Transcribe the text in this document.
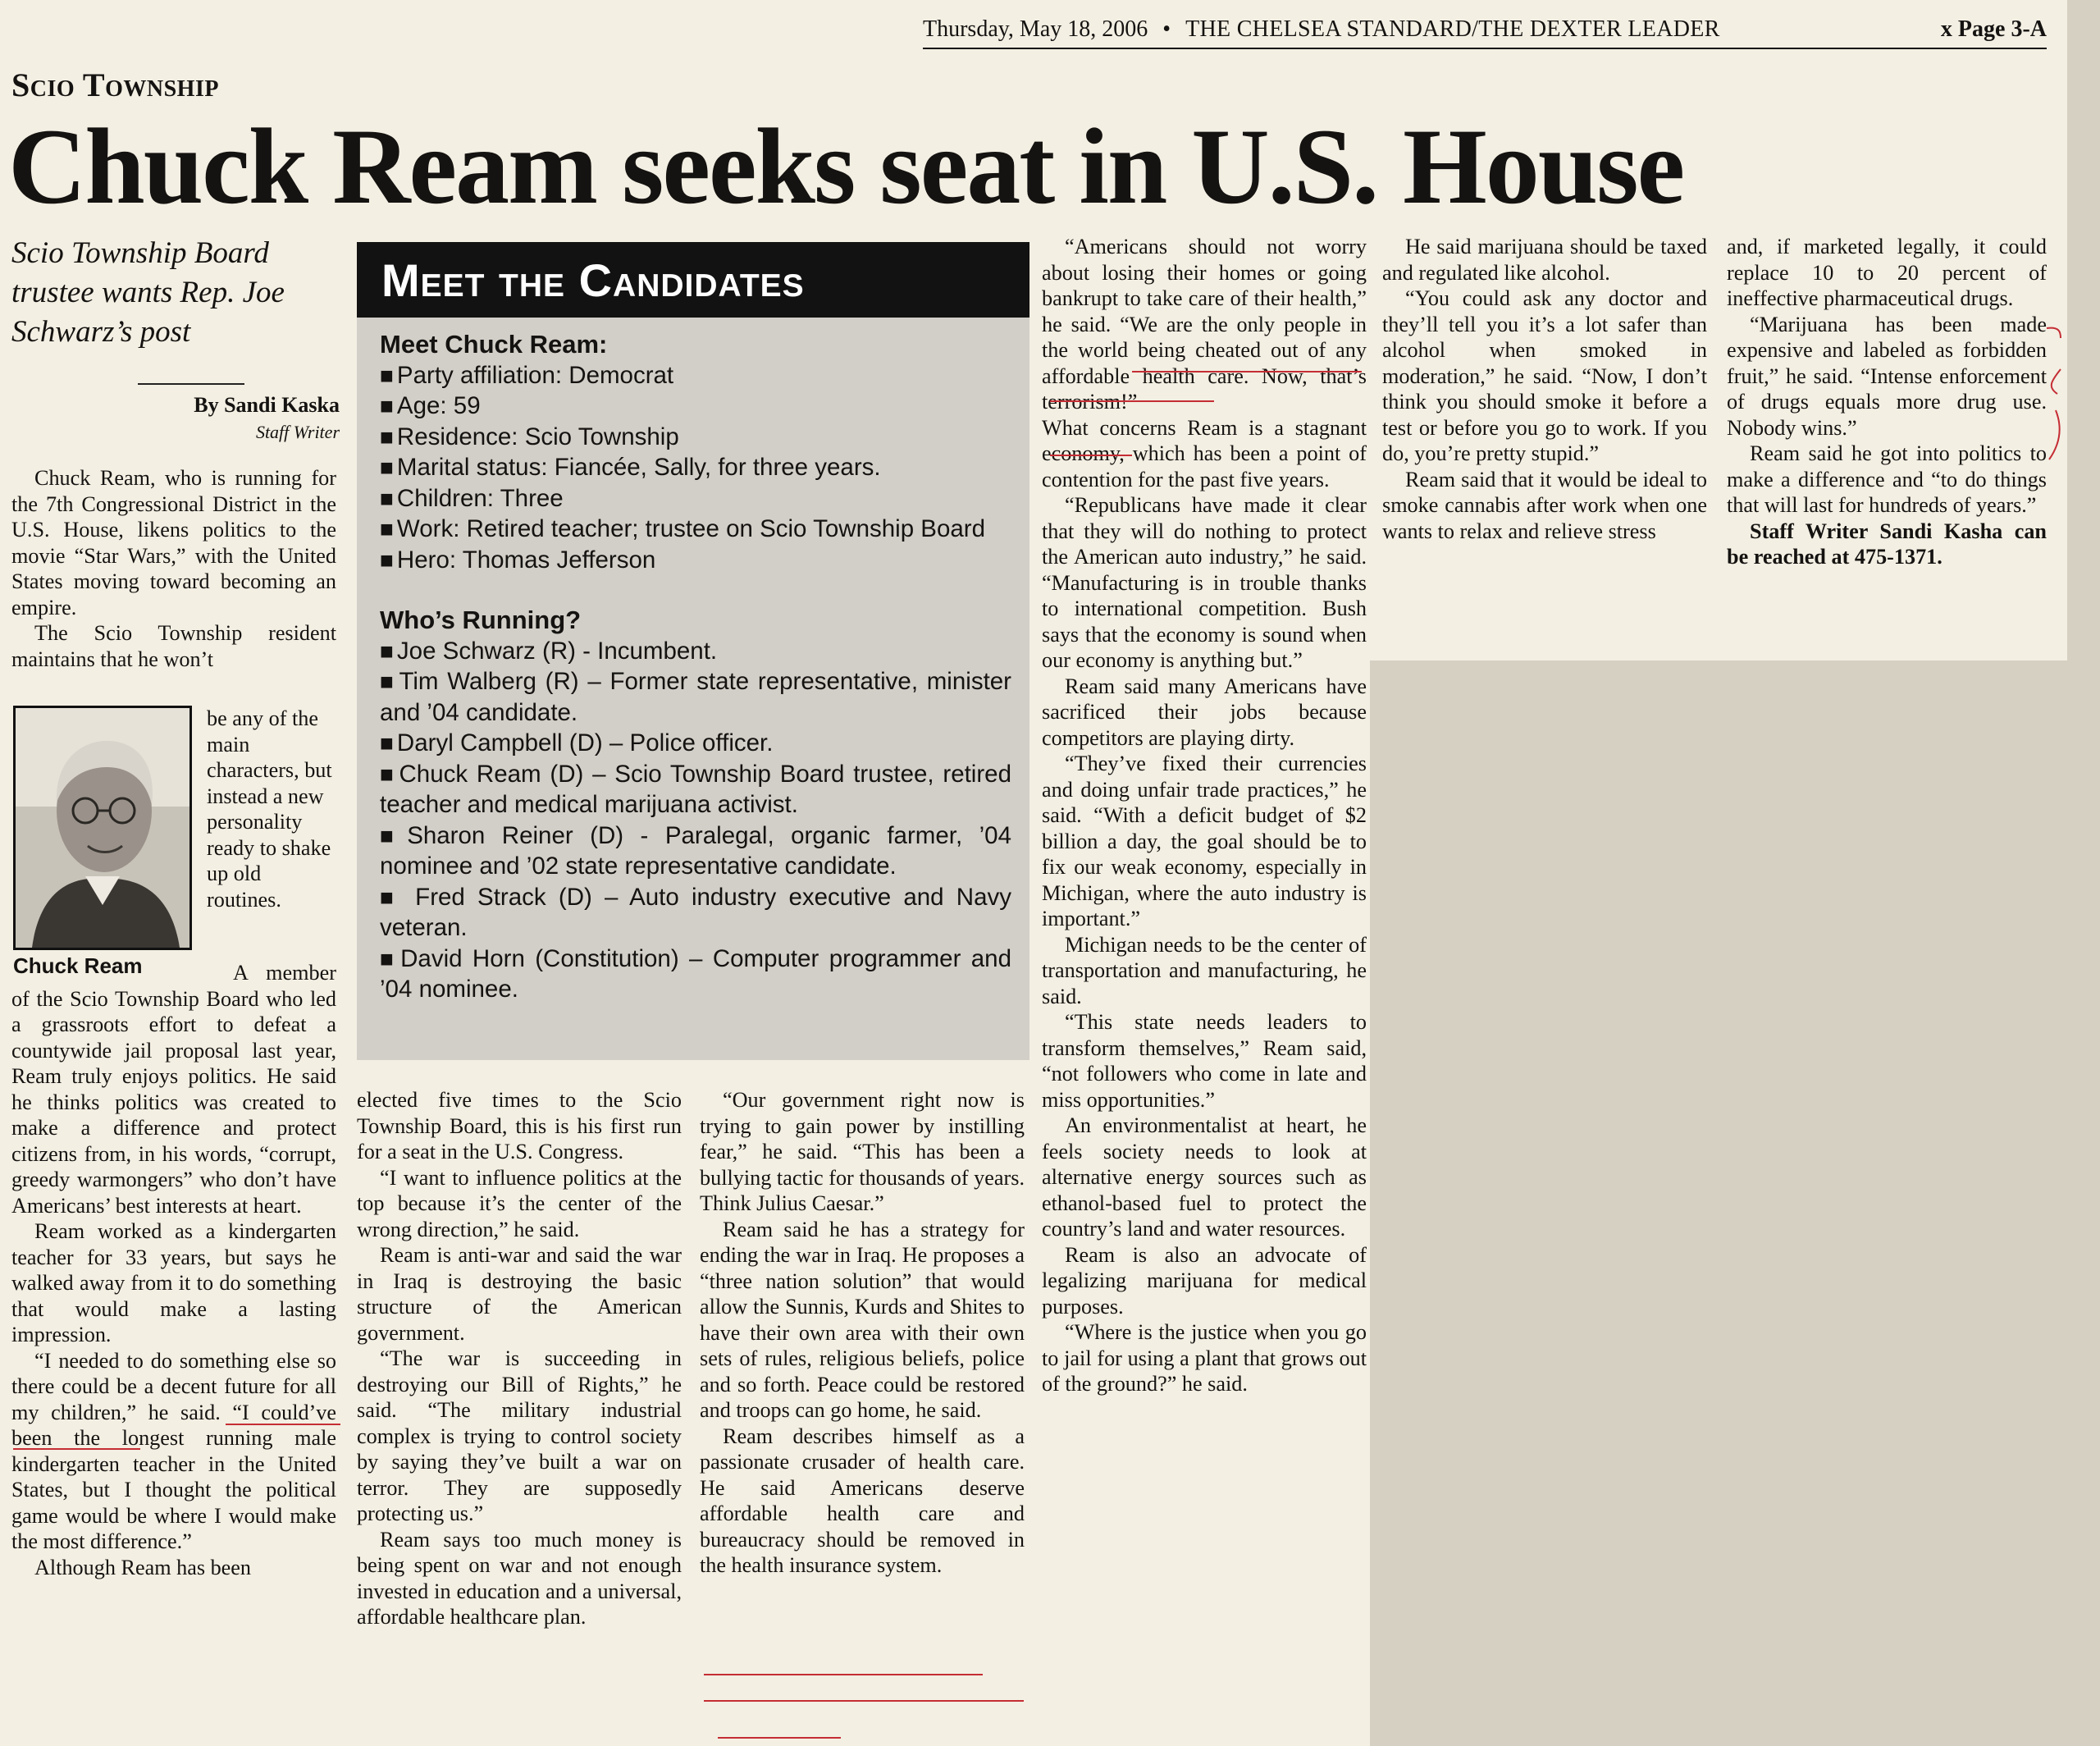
Thursday, May 18, 2006 • THE CHELSEA STANDARD/THE DEXTER LEADER	x Page 3-A
Scio Township
Chuck Ream seeks seat in U.S. House
Scio Township Board trustee wants Rep. Joe Schwarz’s post
By Sandi Kaska
Staff Writer

Chuck Ream, who is running for the 7th Congressional District in the U.S. House, likens politics to the movie “Star Wars,” with the United States moving toward becoming an empire.

The Scio Township resident maintains that he won’t

be any of the main characters, but instead a new personality ready to shake up old routines.

Chuck Ream	A member of the Scio Township Board who led a grassroots effort to defeat a countywide jail proposal last year, Ream truly enjoys politics. He said he thinks politics was created to make a difference and protect citizens from, in his words, “corrupt, greedy warmongers” who don’t have Americans’ best interests at heart.

Ream worked as a kindergarten teacher for 33 years, but says he walked away from it to do something that would make a lasting impression.

“I needed to do something else so there could be a decent future for all my children,” he said. “I could’ve been the longest running male kindergarten teacher in the United States, but I thought the political game would be where I would make the most difference.”

Although Ream has been

Meet the Candidates
Meet Chuck Ream:
■ Party affiliation: Democrat
■ Age: 59
■ Residence: Scio Township
■ Marital status: Fiancée, Sally, for three years.
■ Children: Three
■ Work: Retired teacher; trustee on Scio Township Board
■ Hero: Thomas Jefferson
Who’s Running?
■ Joe Schwarz (R) - Incumbent.
■ Tim Walberg (R) – Former state representative, minister and ’04 candidate.
■ Daryl Campbell (D) – Police officer.
■ Chuck Ream (D) – Scio Township Board trustee, retired teacher and medical marijuana activist.
■ Sharon Reiner (D) - Paralegal, organic farmer, ’04 nominee and ’02 state representative candidate.
■ Fred Strack (D) – Auto industry executive and Navy veteran.
■ David Horn (Constitution) – Computer programmer and ’04 nominee.

elected five times to the Scio Township Board, this is his first run for a seat in the U.S. Congress.

“I want to influence politics at the top because it’s the center of the wrong direction,” he said.

Ream is anti-war and said the war in Iraq is destroying the basic structure of the American government.

“The war is succeeding in destroying our Bill of Rights,” he said. “The military industrial complex is trying to control society by saying they’ve built a war on terror. They are supposedly protecting us.”

Ream says too much money is being spent on war and not enough invested in education and a universal, affordable healthcare plan.

“Our government right now is trying to gain power by instilling fear,” he said. “This has been a bullying tactic for thousands of years. Think Julius Caesar.”

Ream said he has a strategy for ending the war in Iraq. He proposes a “three nation solution” that would allow the Sunnis, Kurds and Shites to have their own area with their own sets of rules, religious beliefs, police and so forth. Peace could be restored and troops can go home, he said.

Ream describes himself as a passionate crusader of health care. He said Americans deserve affordable health care and bureaucracy should be removed in the health insurance system.

“Americans should not worry about losing their homes or going bankrupt to take care of their health,” he said. “We are the only people in the world being cheated out of any affordable health care. Now, that’s terrorism!”

What concerns Ream is a stagnant economy, which has been a point of contention for the past five years.

“Republicans have made it clear that they will do nothing to protect the American auto industry,” he said. “Manufacturing is in trouble thanks to international competition. Bush says that the economy is sound when our economy is anything but.”

Ream said many Americans have sacrificed their jobs because competitors are playing dirty.

“They’ve fixed their currencies and doing unfair trade practices,” he said. “With a deficit budget of $2 billion a day, the goal should be to fix our weak economy, especially in Michigan, where the auto industry is important.”

Michigan needs to be the center of transportation and manufacturing, he said.

“This state needs leaders to transform themselves,” Ream said, “not followers who come in late and miss opportunities.”

An environmentalist at heart, he feels society needs to look at alternative energy sources such as ethanol-based fuel to protect the country’s land and water resources.

Ream is also an advocate of legalizing marijuana for medical purposes.

“Where is the justice when you go to jail for using a plant that grows out of the ground?” he said.

He said marijuana should be taxed and regulated like alcohol.

“You could ask any doctor and they’ll tell you it’s a lot safer than alcohol when smoked in moderation,” he said. “Now, I don’t think you should smoke it before a test or before you go to work. If you do, you’re pretty stupid.”

Ream said that it would be ideal to smoke cannabis after work when one wants to relax and relieve stress

and, if marketed legally, it could replace 10 to 20 percent of ineffective pharmaceutical drugs.

“Marijuana has been made expensive and labeled as forbidden fruit,” he said. “Intense enforcement of drugs equals more drug use. Nobody wins.”

Ream said he got into politics to make a difference and “to do things that will last for hundreds of years.”

Staff Writer Sandi Kasha can be reached at 475-1371.
